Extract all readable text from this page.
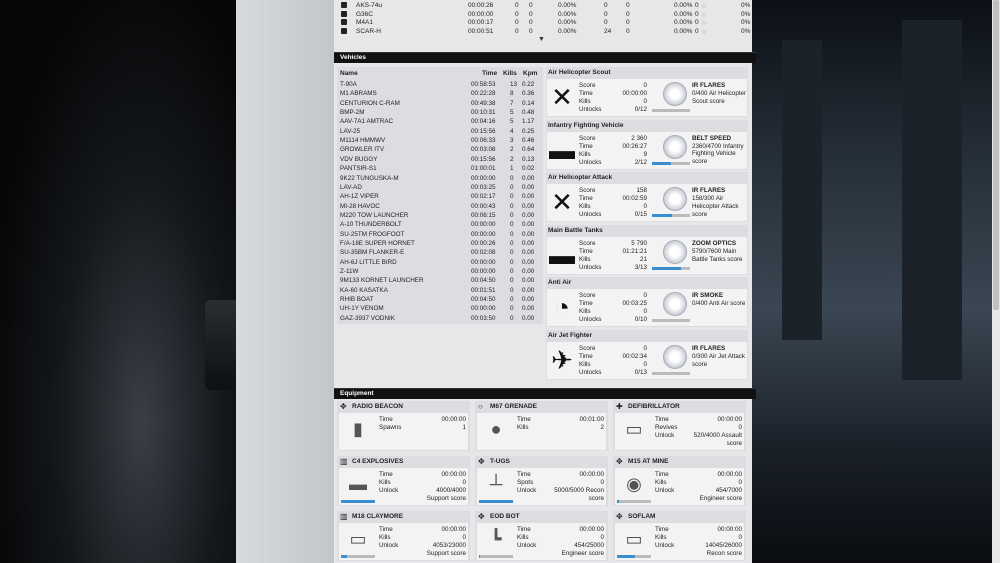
AKS-74u	00:00:26	0 0	0.00%	0	0	0.00% 0	0%
☆
G36C	00:00:00	0 0	0.00%	0	0	0.00% 0	0%
☆
M4A1	00:00:17	0 0	0.00%	0	0	0.00% 0	0%
☆
SCAR-H	00:00:51	0 0	0.00%	24 0	0.00% 0	0%
☆
▼
Vehicles
Name	Time Kills Kpm
T-90A	00:58:53 13 0.22
M1 ABRAMS	00:22:28 8 0.36
CENTURION C-RAM	00:49:38 7 0.14
BMP-2M	00:10:31 5 0.48
AAV-7A1 AMTRAC	00:04:16 5 1.17
LAV-25	00:15:56 4 0.25
M1114 HMMWV	00:06:33 3 0.46
GROWLER ITV	00:03:08 2 0.64
VDV BUGGY	00:15:56 2 0.13
PANTSIR-S1	01:00:01 1 0.02
9K22 TUNGUSKA-M	00:00:00 0 0.00
LAV-AD	00:03:25 0 0.00
AH-1Z VIPER	00:02:17 0 0.00
MI-28 HAVOC	00:00:43 0 0.00
M220 TOW LAUNCHER	00:06:15 0 0.00
A-10 THUNDERBOLT	00:00:00 0 0.00
SU-25TM FROGFOOT	00:00:00 0 0.00
F/A-18E SUPER HORNET	00:00:26 0 0.00
SU-35BM FLANKER-E	00:02:08 0 0.00
AH-6J LITTLE BIRD	00:00:00 0 0.00
Z-11W	00:00:00 0 0.00
9M133 KORNET LAUNCHER	00:04:50 0 0.00
KA-60 KASATKA	00:01:51 0 0.00
RHIB BOAT	00:04:50 0 0.00
UH-1Y VENOM	00:00:00 0 0.00
GAZ-3937 VODNIK	00:03:50 0 0.00
Air Helicopter Scout
✕ Score	0
Time	00:00:00
Kills	0
Unlocks	0/12
IR FLARES
0/400 Air Helicopter Scout score
Infantry Fighting Vehicle
▬ Score	2 360
Time	00:26:27
Kills	9
Unlocks	2/12
BELT SPEED
2360/4700 Infantry Fighting Vehicle score
Air Helicopter Attack
✕ Score	158
Time	00:02:59
Kills	0
Unlocks	0/15
IR FLARES
158/300 Air Helicopter Attack score
Main Battle Tanks
▬ Score	5 790
Time	01:21:21
Kills	21
Unlocks	3/13
ZOOM OPTICS
5790/7600 Main Battle Tanks score
Anti Air
◔	Score	0
Time	00:03:25
Kills	0
Unlocks	0/10
IR SMOKE
0/400 Anti Air score
Air Jet Fighter
✈ Score	0
Time	00:02:34
Kills	0
Unlocks	0/13
IR FLARES
0/300 Air Jet Attack score
Equipment
✥ RADIO BEACON
▮	Time	00:00:00
Spawns	1
○	M67 GRENADE
●	Time	00:01:00
Kills	2
✚ DEFIBRILLATOR
▭	Time	00:00:00
Revives	0
Unlock	520/4000 Assault
score
▥ C4 EXPLOSIVES
▬	Time	00:00:00
Kills	0
Unlock	4000/4000
Support score
✥ T-UGS
┴	Time	00:00:00
Spots	0
Unlock	5000/5000 Recon
score
✥ M15 AT MINE
◉	Time	00:00:00
Kills	0
Unlock	454/7000
Engineer score
▥ M18 CLAYMORE
▭	Time	00:00:00
Kills	0
Unlock	4053/23000
Support score
✥ EOD BOT
┗	Time	00:00:00
Kills	0
Unlock	454/25000
Engineer score
✥ SOFLAM
▭	Time	00:00:00
Kills	0
Unlock	14045/26000
Recon score
